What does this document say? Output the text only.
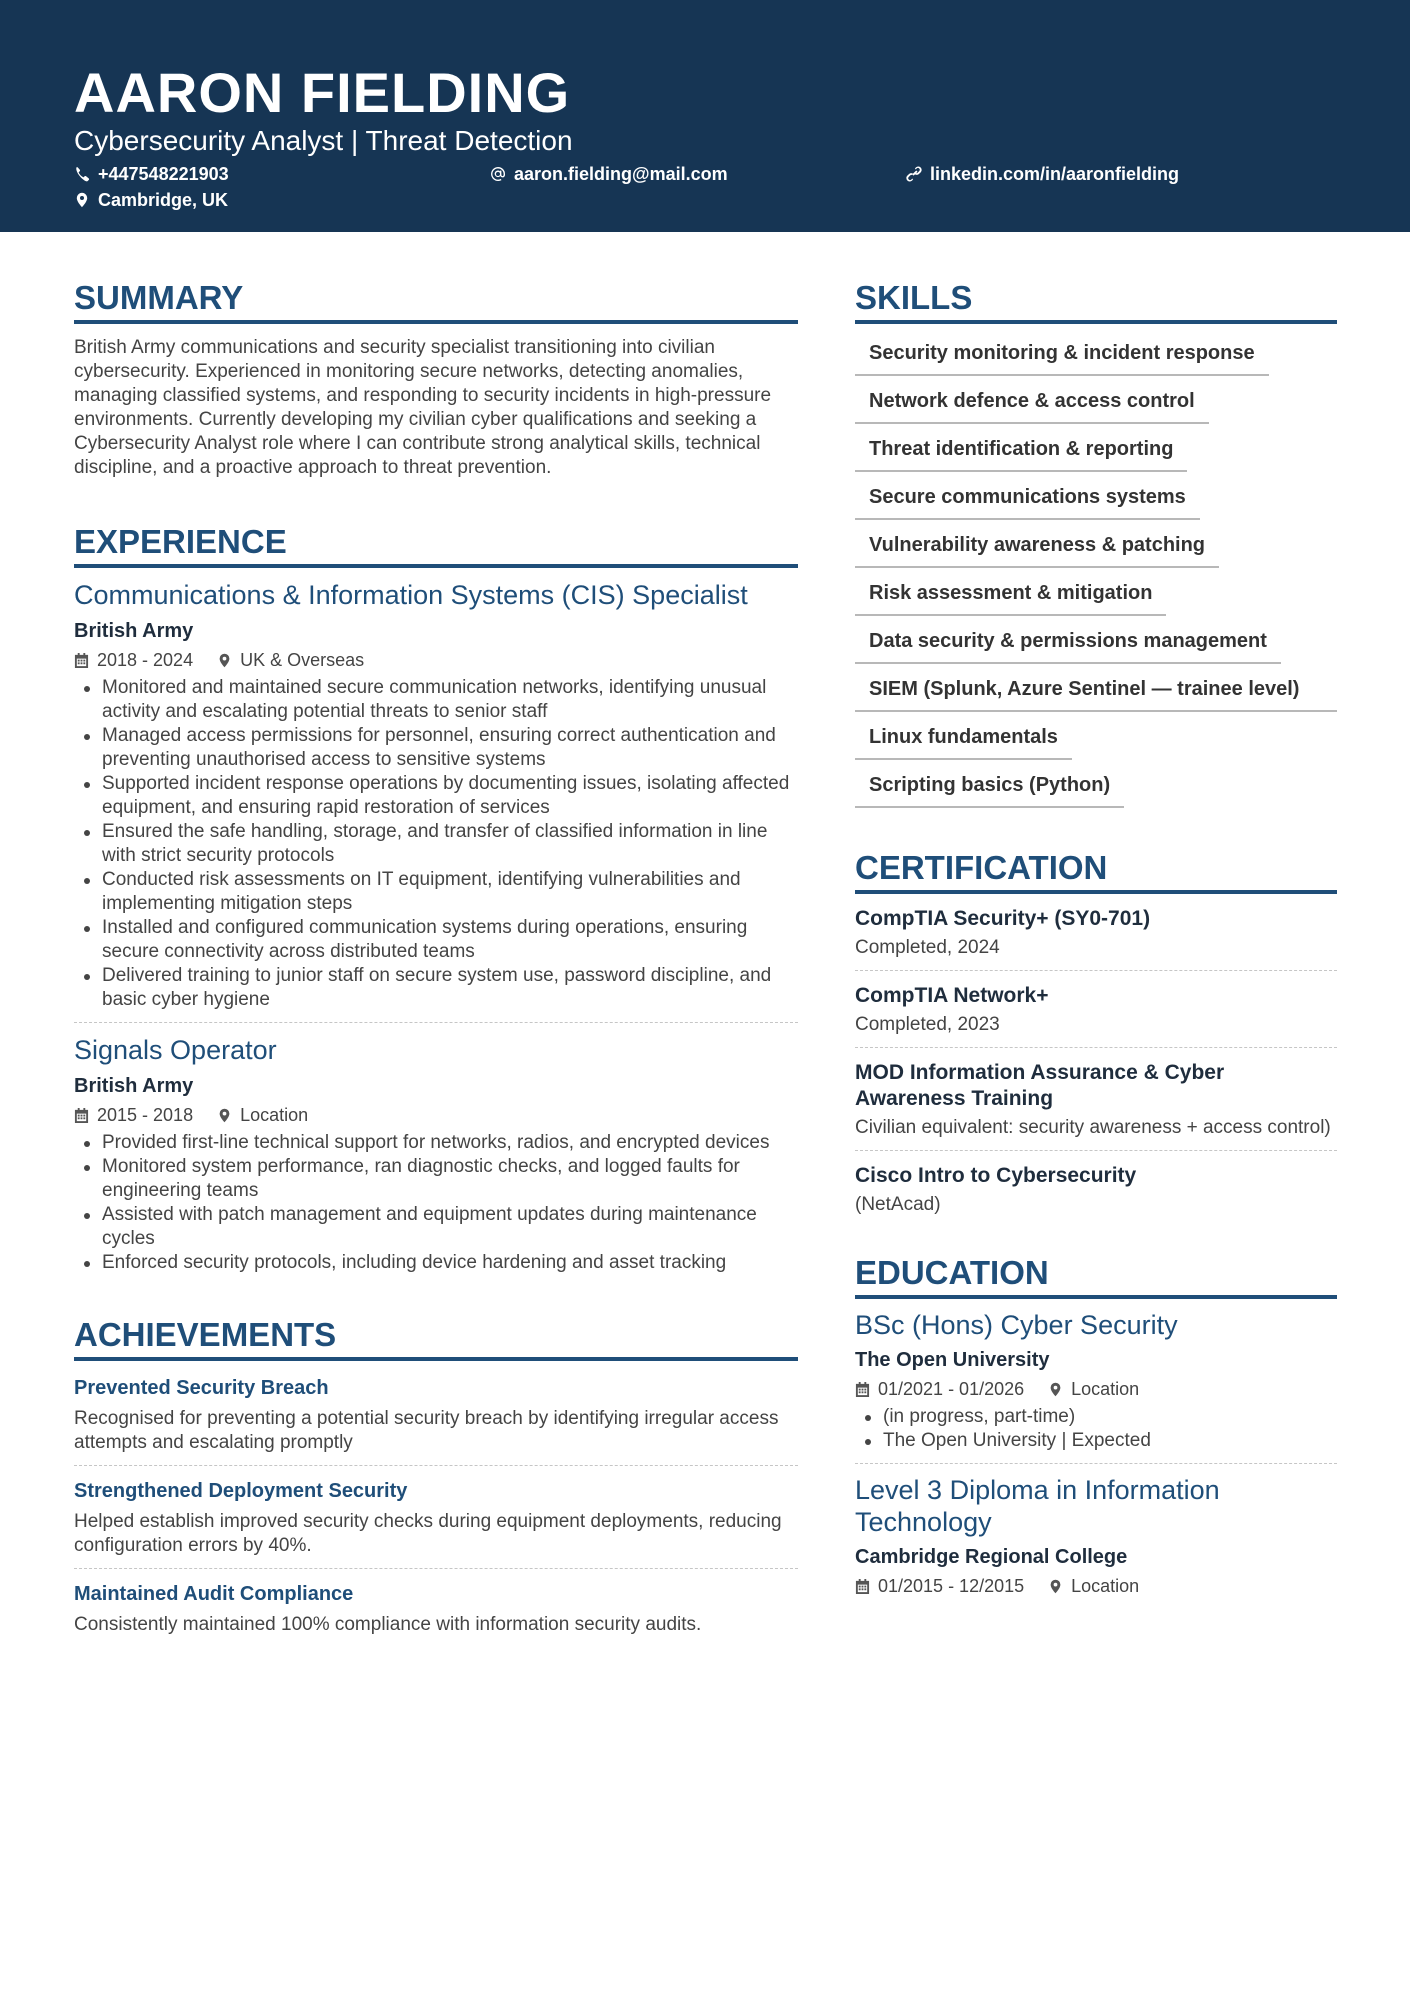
AARON FIELDING
Cybersecurity Analyst | Threat Detection
+447548221903	aaron.fielding@mail.com	linkedin.com/in/aaronfielding
Cambridge, UK
SUMMARY
British Army communications and security specialist transitioning into civilian cybersecurity. Experienced in monitoring secure networks, detecting anomalies, managing classified systems, and responding to security incidents in high-pressure environments. Currently developing my civilian cyber qualifications and seeking a Cybersecurity Analyst role where I can contribute strong analytical skills, technical discipline, and a proactive approach to threat prevention.
EXPERIENCE
Communications & Information Systems (CIS) Specialist
British Army
2018 - 2024	UK & Overseas
Monitored and maintained secure communication networks, identifying unusual activity and escalating potential threats to senior staff
Managed access permissions for personnel, ensuring correct authentication and preventing unauthorised access to sensitive systems
Supported incident response operations by documenting issues, isolating affected equipment, and ensuring rapid restoration of services
Ensured the safe handling, storage, and transfer of classified information in line with strict security protocols
Conducted risk assessments on IT equipment, identifying vulnerabilities and implementing mitigation steps
Installed and configured communication systems during operations, ensuring secure connectivity across distributed teams
Delivered training to junior staff on secure system use, password discipline, and basic cyber hygiene
Signals Operator
British Army
2015 - 2018	Location
Provided first-line technical support for networks, radios, and encrypted devices
Monitored system performance, ran diagnostic checks, and logged faults for engineering teams
Assisted with patch management and equipment updates during maintenance cycles
Enforced security protocols, including device hardening and asset tracking
ACHIEVEMENTS
Prevented Security Breach
Recognised for preventing a potential security breach by identifying irregular access attempts and escalating promptly
Strengthened Deployment Security
Helped establish improved security checks during equipment deployments, reducing configuration errors by 40%.
Maintained Audit Compliance
Consistently maintained 100% compliance with information security audits.
SKILLS
Security monitoring & incident response
Network defence & access control
Threat identification & reporting
Secure communications systems
Vulnerability awareness & patching
Risk assessment & mitigation
Data security & permissions management
SIEM (Splunk, Azure Sentinel — trainee level)
Linux fundamentals
Scripting basics (Python)
CERTIFICATION
CompTIA Security+ (SY0-701)
Completed, 2024
CompTIA Network+
Completed, 2023
MOD Information Assurance & Cyber Awareness Training
Civilian equivalent: security awareness + access control)
Cisco Intro to Cybersecurity
(NetAcad)
EDUCATION
BSc (Hons) Cyber Security
The Open University
01/2021 - 01/2026	Location
(in progress, part-time)
The Open University | Expected
Level 3 Diploma in Information Technology
Cambridge Regional College
01/2015 - 12/2015	Location
